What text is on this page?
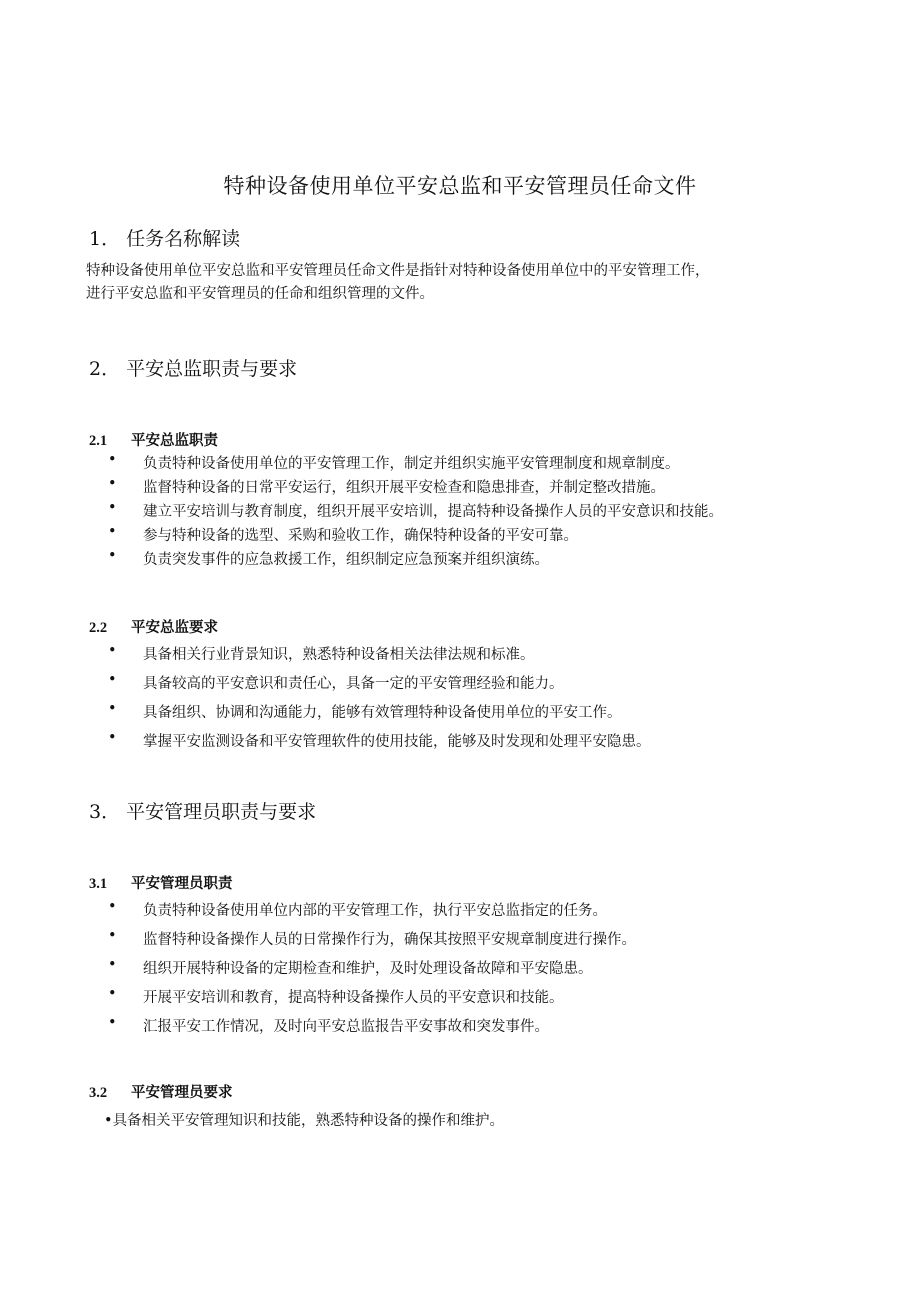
特种设备使用单位平安总监和平安管理员任命文件
1． 任务名称解读
特种设备使用单位平安总监和平安管理员任命文件是指针对特种设备使用单位中的平安管理工作，
进行平安总监和平安管理员的任命和组织管理的文件。
2． 平安总监职责与要求
2.1 平安总监职责
• 负责特种设备使用单位的平安管理工作，制定并组织实施平安管理制度和规章制度。
• 监督特种设备的日常平安运行，组织开展平安检查和隐患排查，并制定整改措施。
• 建立平安培训与教育制度，组织开展平安培训，提高特种设备操作人员的平安意识和技能。
• 参与特种设备的选型、采购和验收工作，确保特种设备的平安可靠。
• 负责突发事件的应急救援工作，组织制定应急预案并组织演练。
2.2 平安总监要求
• 具备相关行业背景知识，熟悉特种设备相关法律法规和标准。
• 具备较高的平安意识和责任心，具备一定的平安管理经验和能力。
• 具备组织、协调和沟通能力，能够有效管理特种设备使用单位的平安工作。
• 掌握平安监测设备和平安管理软件的使用技能，能够及时发现和处理平安隐患。
3． 平安管理员职责与要求
3.1 平安管理员职责
• 负责特种设备使用单位内部的平安管理工作，执行平安总监指定的任务。
• 监督特种设备操作人员的日常操作行为，确保其按照平安规章制度进行操作。
• 组织开展特种设备的定期检查和维护，及时处理设备故障和平安隐患。
• 开展平安培训和教育，提高特种设备操作人员的平安意识和技能。
• 汇报平安工作情况，及时向平安总监报告平安事故和突发事件。
3.2 平安管理员要求
•具备相关平安管理知识和技能，熟悉特种设备的操作和维护。
